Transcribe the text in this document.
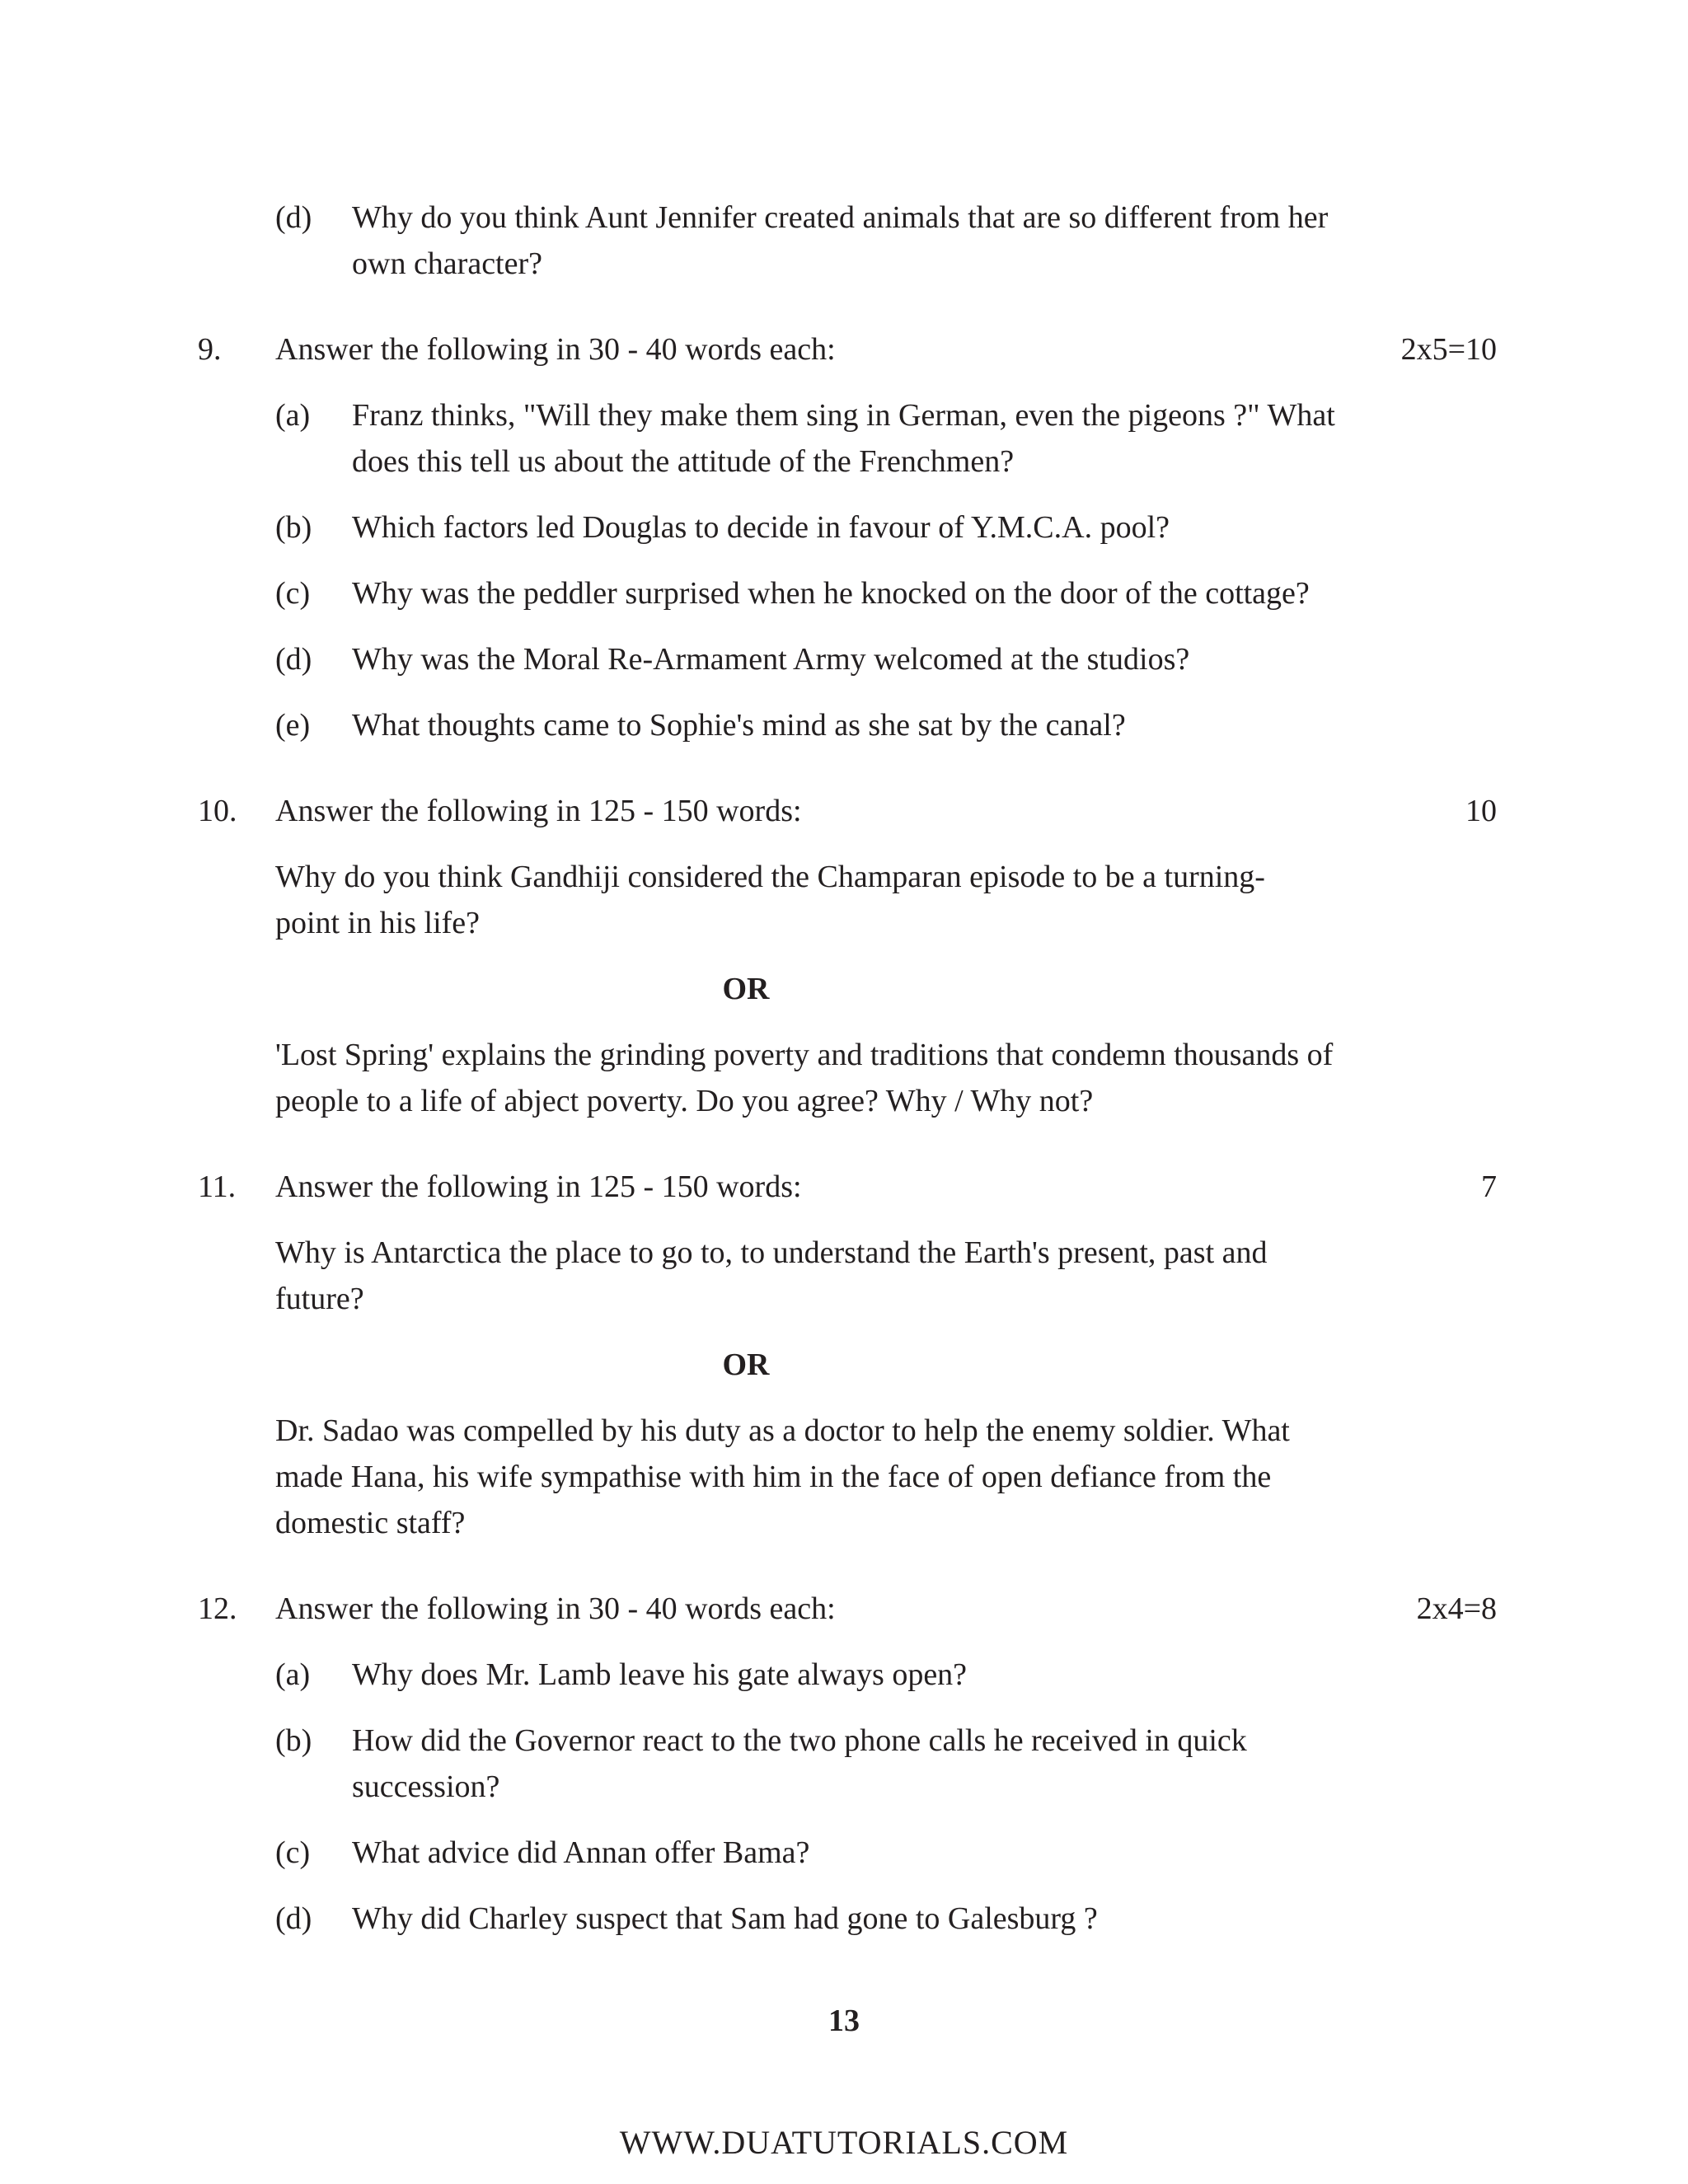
(d) Why do you think Aunt Jennifer created animals that are so different from her
own character?
9. Answer the following in 30 - 40 words each:	2x5=10
(a) Franz thinks, "Will they make them sing in German, even the pigeons ?" What
does this tell us about the attitude of the Frenchmen?
(b) Which factors led Douglas to decide in favour of Y.M.C.A. pool?
(c) Why was the peddler surprised when he knocked on the door of the cottage?
(d) Why was the Moral Re-Armament Army welcomed at the studios?
(e) What thoughts came to Sophie's mind as she sat by the canal?
10. Answer the following in 125 - 150 words:	10
Why do you think Gandhiji considered the Champaran episode to be a turning-
point in his life?
OR
'Lost Spring' explains the grinding poverty and traditions that condemn thousands of
people to a life of abject poverty. Do you agree? Why / Why not?
11. Answer the following in 125 - 150 words:	7
Why is Antarctica the place to go to, to understand the Earth's present, past and
future?
OR
Dr. Sadao was compelled by his duty as a doctor to help the enemy soldier. What
made Hana, his wife sympathise with him in the face of open defiance from the
domestic staff?
12. Answer the following in 30 - 40 words each:	2x4=8
(a) Why does Mr. Lamb leave his gate always open?
(b) How did the Governor react to the two phone calls he received in quick
succession?
(c) What advice did Annan offer Bama?
(d) Why did Charley suspect that Sam had gone to Galesburg ?
13
WWW.DUATUTORIALS.COM
